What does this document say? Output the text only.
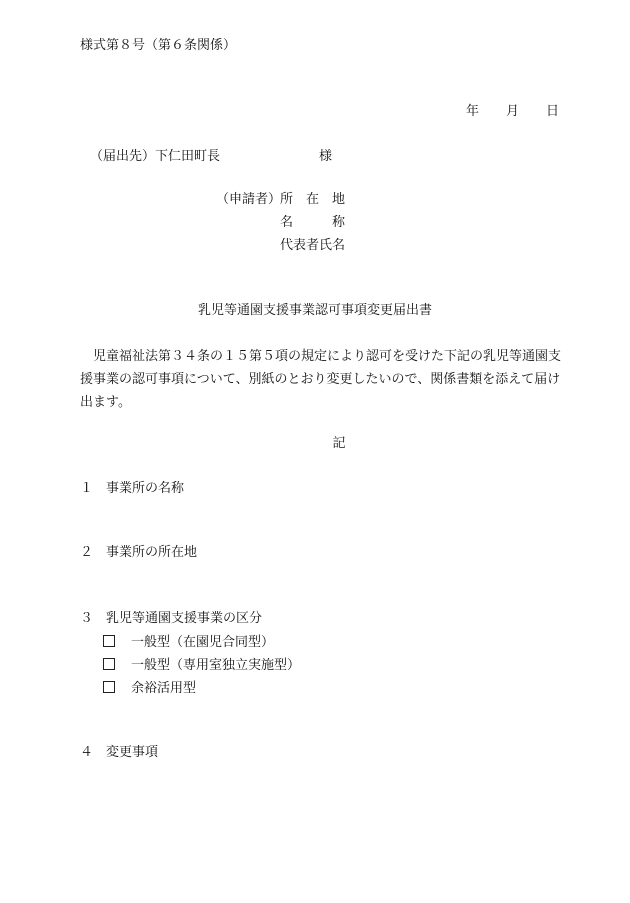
様式第８号（第６条関係）
年 月 日
（届出先）下仁田町長	様
（申請者）
所　在　地
名　　　称
代表者氏名
乳児等通園支援事業認可事項変更届出書
児童福祉法第３４条の１５第５項の規定により認可を受けた下記の乳児等通園支援事業の認可事項について、別紙のとおり変更したいので、関係書類を添えて届け出ます。
記
１ 事業所の名称
２ 事業所の所在地
３ 乳児等通園支援事業の区分
一般型（在園児合同型）
一般型（専用室独立実施型）
余裕活用型
４ 変更事項
